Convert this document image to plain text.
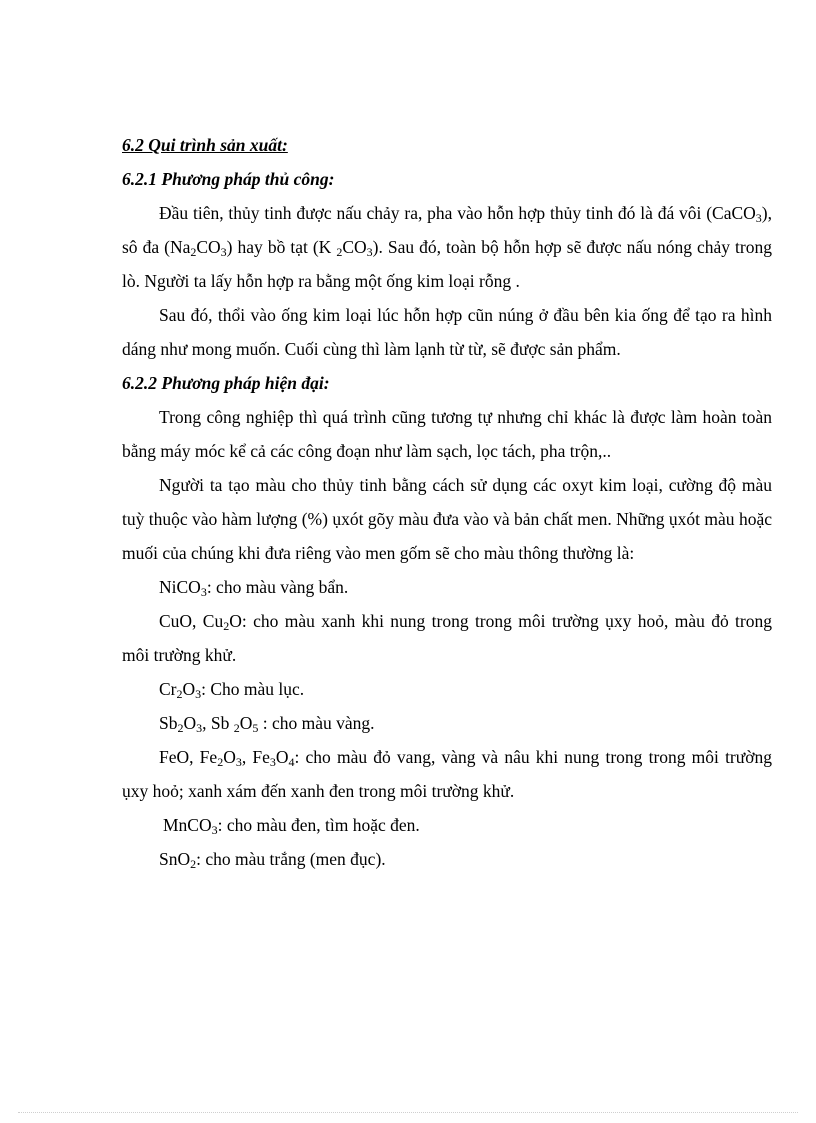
6.2 Qui trình sản xuất:

6.2.1 Phương pháp thủ công:

Đầu tiên, thủy tinh được nấu chảy ra, pha vào hỗn hợp thủy tinh đó là đá vôi (CaCO$_3$), sô đa $(Na_2CO_3)$ hay bồ tạt (K $_2CO_3$). Sau đó, toàn bộ hỗn hợp sẽ được nấu nóng chảy trong lò. Người ta lấy hỗn hợp ra bằng một ống kim loại rỗng .

Sau đó, thổi vào ống kim loại lúc hỗn hợp cũn núng ở đầu bên kia ống để tạo ra hình dáng như mong muốn. Cuối cùng thì làm lạnh từ từ, sẽ được sản phẩm.

6.2.2 Phương pháp hiện đại:

Trong công nghiệp thì quá trình cũng tương tự nhưng chỉ khác là được làm hoàn toàn bằng máy móc kể cả các công đoạn như làm sạch, lọc tách, pha trộn,..

Người ta tạo màu cho thủy tinh bằng cách sử dụng các oxyt kim loại, cường độ màu tuỳ thuộc vào hàm lượng (%) ụxót gõy màu đưa vào và bản chất men. Những ụxót màu hoặc muối của chúng khi đưa riêng vào men gốm sẽ cho màu thông thường là:

NiCO$_3$: cho màu vàng bẩn.

CuO, $Cu_2O$: cho màu xanh khi nung trong trong môi trường ụxy hoỏ, màu đỏ trong môi trường khử.

$Cr_2O_3$: Cho màu lục.

$Sb_2O_3$, Sb $_2O_5$ : cho màu vàng.

FeO, $Fe_2O_3$, $Fe_3O_4$: cho màu đỏ vang, vàng và nâu khi nung trong trong môi trường ụxy hoỏ; xanh xám đến xanh đen trong môi trường khử.

MnCO$_3$: cho màu đen, tìm hoặc đen.

SnO$_2$: cho màu trắng (men đục).
